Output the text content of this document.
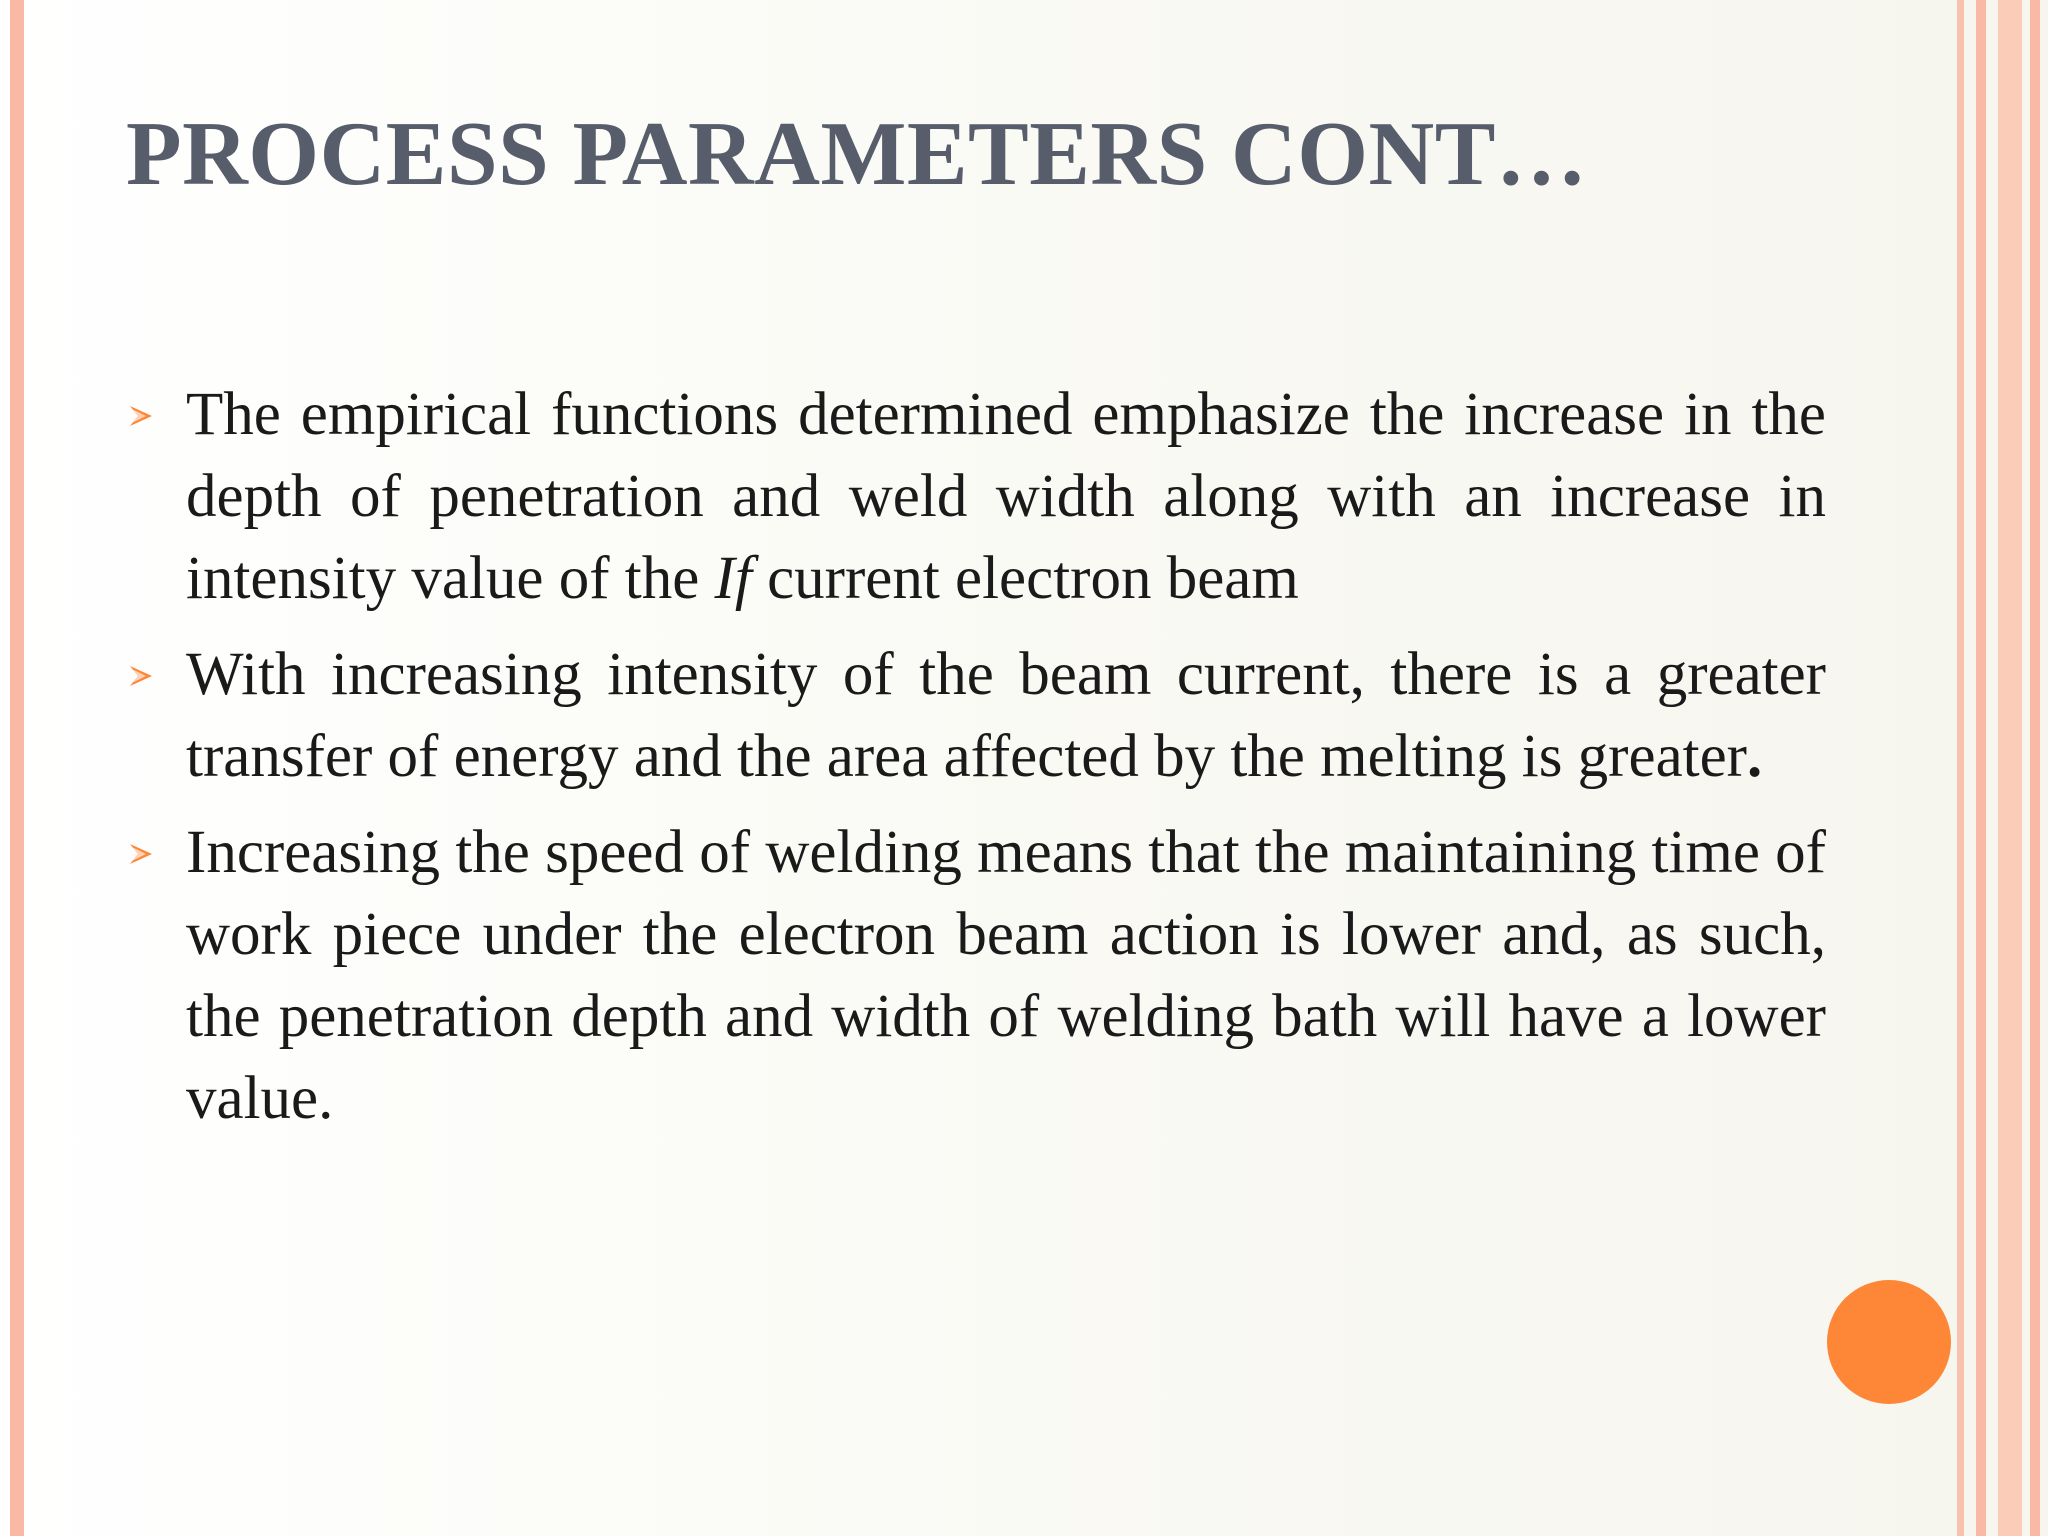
PROCESS PARAMETERS CONT…
The empirical functions determined emphasize the increase in the depth of penetration and weld width along with an increase in intensity value of the If current electron beam
With increasing intensity of the beam current, there is a greater transfer of energy and the area affected by the melting is greater.
Increasing the speed of welding means that the maintaining time of work piece under the electron beam action is lower and, as such, the penetration depth and width of welding bath will have a lower value.
